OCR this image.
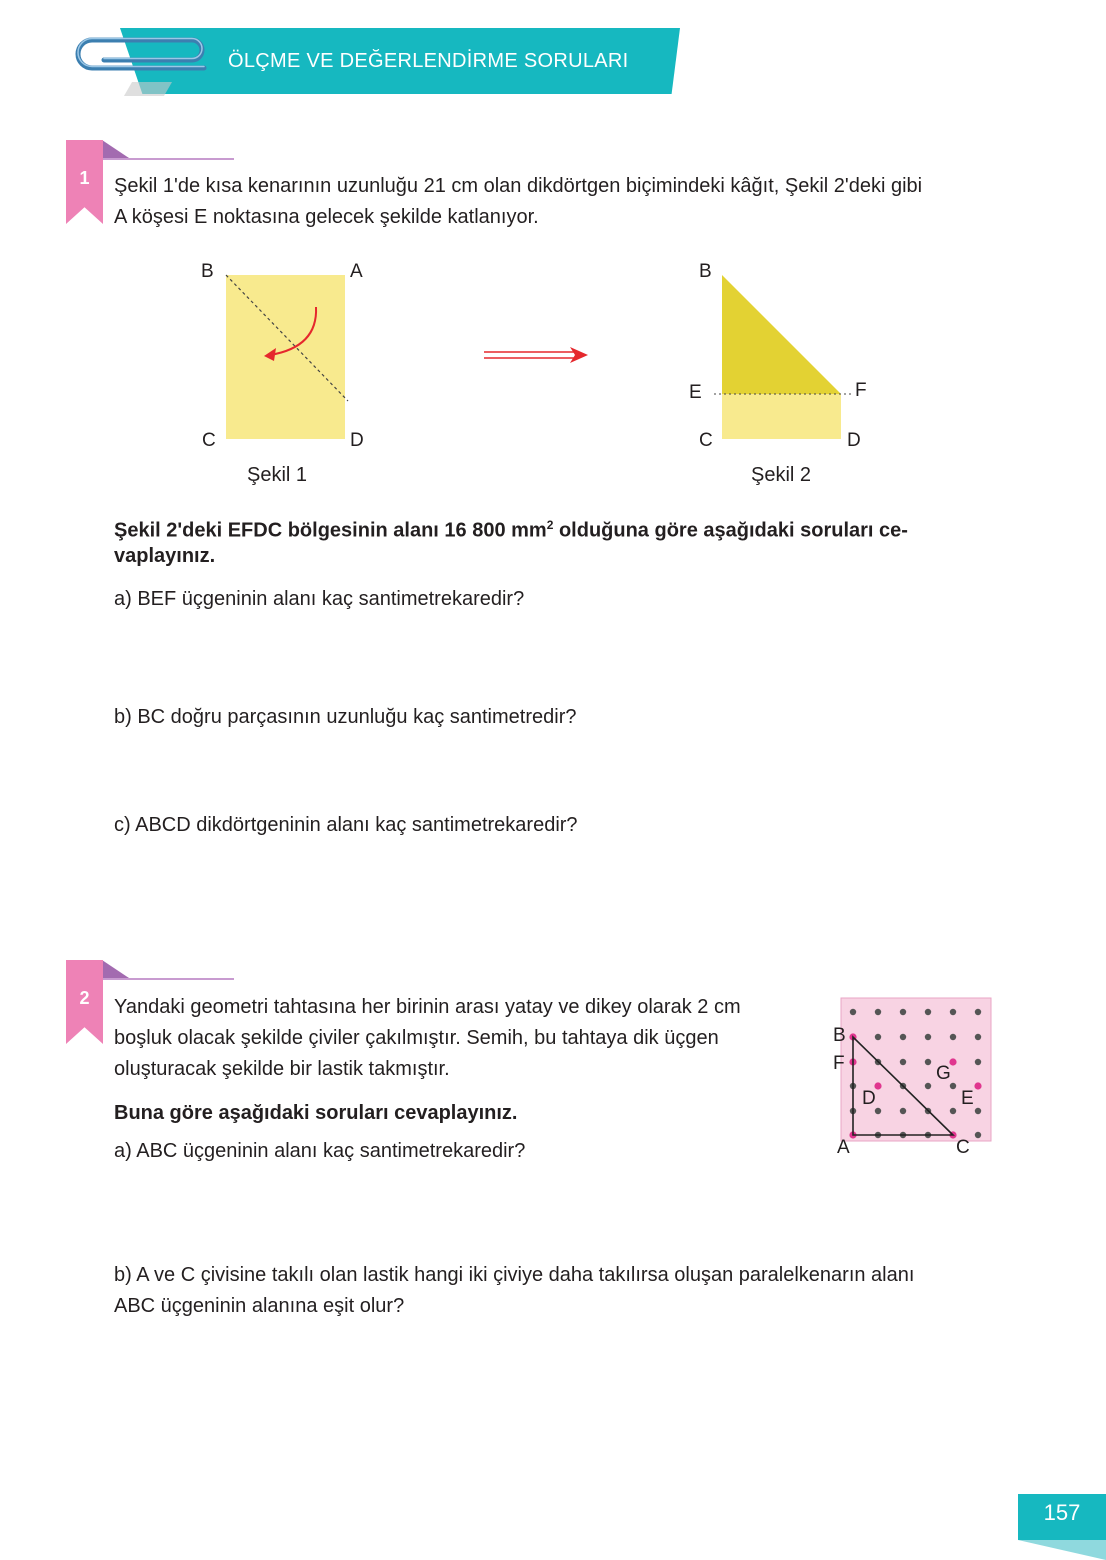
ÖLÇME VE DEĞERLENDİRME SORULARI
1	Şekil 1'de kısa kenarının uzunluğu 21 cm olan dikdörtgen biçimindeki kâğıt, Şekil 2'deki gibi
A köşesi E noktasına gelecek şekilde katlanıyor.
B	A
C	D
Şekil 1
B
E	F
C	D
Şekil 2
Şekil 2'deki EFDC bölgesinin alanı 16 800 $mm^2$ olduğuna göre aşağıdaki soruları ce-
vaplayınız.
a) BEF üçgeninin alanı kaç santimetrekaredir?
b) BC doğru parçasının uzunluğu kaç santimetredir?
c) ABCD dikdörtgeninin alanı kaç santimetrekaredir?
2	Yandaki geometri tahtasına her birinin arası yatay ve dikey olarak 2 cm
boşluk olacak şekilde çiviler çakılmıştır. Semih, bu tahtaya dik üçgen
oluşturacak şekilde bir lastik takmıştır.
Buna göre aşağıdaki soruları cevaplayınız.
a) ABC üçgeninin alanı kaç santimetrekaredir?
b) A ve C çivisine takılı olan lastik hangi iki çiviye daha takılırsa oluşan paralelkenarın alanı
ABC üçgeninin alanına eşit olur?
B
F	G
D	E
A	C
157
